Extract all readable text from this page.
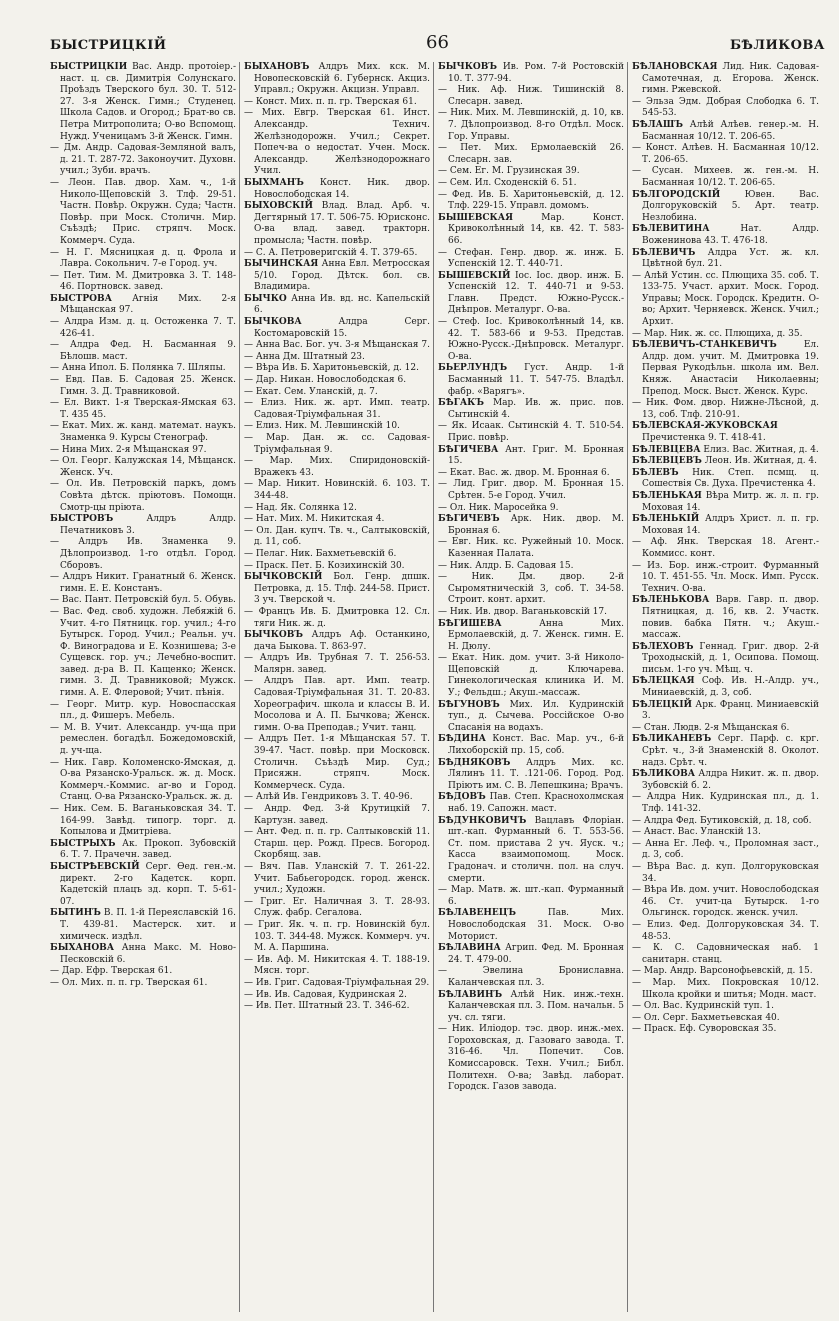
БЫСТРИЦКІЙ	66	БѢЛИКОВА

БЫСТРИЦКІЙ Вас. Андр. протоіер.-наст. ц. св. Димитрія Солунскаго. Проѣздъ Тверского бул. 30. Т. 512-27. 3-я Женск. Гимн.; Студенец. Школа Садов. и Огород.; Брат-во св. Петра Митрополита; О-во Вспомощ. Нужд. Ученицамъ 3-й Женск. Гимн.

— Дм. Андр. Садовая-Земляной валъ, д. 21. Т. 287-72. Законоучит. Духовн. учил.; Зуби. врачъ.

— Леон. Пав. двор. Хам. ч., 1-й Николо-Щеповскій 3. Тлф. 29-51. Частн. Повѣр. Окружн. Суда; Частн. Повѣр. при Моск. Столичн. Мир. Съѣздѣ; Прис. стряпч. Моск. Коммерч. Суда.

— Н. Г. Мясницкая д. ц. Фрола и Лавра. Сокольнич. 7-е Город. уч.

— Пет. Тим. М. Дмитровка 3. Т. 148-46. Портновск. завед.

БЫСТРОВА Агнія Мих. 2-я Мѣщанская 97.

— Алдра Изм. д. ц. Остоженка 7. Т. 426-41.

— Алдра Фед. Н. Басманная 9. Бѣлошв. маст.

— Анна Ипол. Б. Полянка 7. Шляпы.

— Евд. Пав. Б. Садовая 25. Женск. Гимн. 3. Д. Травниковой.

— Ел. Викт. 1-я Тверская-Ямская 63. Т. 435 45.

— Екат. Мих. ж. канд. математ. наукъ. Знаменка 9. Курсы Стенограф.

— Нина Мих. 2-я Мѣщанская 97.

— Ол. Георг. Калужская 14, Мѣщанск. Женск. Уч.

— Ол. Ив. Петровскій паркъ, домъ Совѣта дѣтск. пріютовъ. Помощн. Смотр-цы пріюта.

БЫСТРОВЪ	Алдръ Алдр. Печатниковъ 3.

— Алдръ Ив. Знаменка 9. Дѣлопроизвод. 1-го отдѣл. Город. Сборовъ.

— Алдръ Никит. Гранатный 6. Женск. гимн. Е. Е. Констанъ.

— Вас. Пант. Петровскій бул. 5. Обувь.

— Вас. Фед. своб. художн. Лебяжій 6. Учит. 4-го Пятницк. гор. учил.; 4-го Бутырск. Город. Учил.; Реальн. уч. Ф. Виноградова и Е. Кознишева; 3-е Сущевск. гор. уч.; Лечебно-воспит. завед. д-ра В. П. Кащенко; Женск. гимн. 3. Д. Травниковой; Мужск. гимн. А. Е. Флеровой; Учит. пѣнія.

— Георг. Митр. кур. Новоспасская пл., д. Фишеръ. Мебель.

— М. В. Учит. Александр. уч-ща при ремеслен. богадѣл. Божедомовскій, д. уч-ща.

— Ник. Гавр. Коломенско-Ямская, д. О-ва Рязанско-Уральск. ж. д. Моск. Коммерч.-Коммис. аг-во и Город. Станц. О-ва Рязанско-Уральск. ж. д.

— Ник. Сем. Б. Ваганьковская 34. Т. 164-99. Завѣд. типогр. торг. д. Копылова и Дмитріева.

БЫСТРЫХЪ Ак. Прокоп. Зубовскій 6. Т. 7. Прачечн. завед.

БЫСТРѢЕВСКІЙ Серг. Ѳед. ген.-м. директ. 2-го Кадетск. корп. Кадетскій плацъ зд. корп. Т. 5-61-07.

БЫТИНЪ В. П. 1-й Переяславскій 16. Т. 439-81. Мастерск. хит. и химическ. издѣл.

БЫХАНОВА Анна Макс. М. Ново-Песковскій 6.

— Дар. Ефр. Тверская 61.

— Ол. Мих. п. п. гр. Тверская 61.

БЫХАНОВЪ Алдръ Мих. кск. М. Новопесковскій 6. Губернск. Акциз. Управл.; Окружн. Акцизн. Управл.

— Конст. Мих. п. п. гр. Тверская 61.

— Мих. Евгр. Тверская 61. Инст. Александр. Технич. Желѣзнодорожн. Учил.; Секрет. Попеч-ва о недостат. Учен. Моск. Александр. Желѣзнодорожнаго Учил.

БЫХМАНЪ Конст. Ник. двор. Новослободская 14.

БЫХОВСКІЙ Влад. Влад. Арб. ч. Дегтярный 17. Т. 506-75. Юрисконс. О-ва влад. завед. тракторн. промысла; Частн. повѣр.

— С. А. Петроверигскій 4. Т. 379-65.

БЫЧИНСКАЯ Анна Евл. Метросская 5/10. Город. Дѣтск. бол. св. Владимира.

БЫЧКО Анна Ив. вд. нс. Капельскій 6.

БЫЧКОВА	Алдра Серг. Костомаровскій 15.

— Анна Вас. Бог. уч. 3-я Мѣщанская 7.

— Анна Дм. Штатный 23.

— Вѣра Ив. Б. Харитоньевскій, д. 12.

— Дар. Никан. Новослободская 6.

— Екат. Сем. Уланскій, д. 7.

— Елиз. Ник. ж. арт. Имп. театр. Садовая-Тріумфальная 31.

— Елиз. Ник. М. Левшинскій 10.

— Мар. Дан. ж. сс. Садовая-Тріумфальная 9.

— Мар. Мих. Спиридоновскій-Вражекъ 43.

— Мар. Никит. Новинскій. 6. 103. Т. 344-48.

— Над. Як. Солянка 12.

— Нат. Мих. М. Никитская 4.

— Ол. Дан. купч. Тв. ч., Салтыковскій, д. 11, соб.

— Пелаг. Ник. Бахметьевскій 6.

— Праск. Пет. Б. Козихинскій 30.

БЫЧКОВСКІЙ Бол. Генр. дпшк. Петровка, д. 15. Тлф. 244-58. Прист. 3 уч. Тверской ч.

— Францъ Ив. Б. Дмитровка 12. Сл. тяги Ник. ж. д.

БЫЧКОВЪ Алдръ Аф. Останкино, дача Быкова. Т. 863-97.

— Алдръ Ив. Трубная 7. Т. 256-53. Малярн. завед.

— Алдръ Пав. арт. Имп. театр. Садовая-Тріумфальная 31. Т. 20-83. Хореографич. школа и классы В. И. Мосолова и А. П. Бычкова; Женск. гимн. О-ва Преподав.; Учит. танц.

— Алдръ Пет. 1-я Мѣщанская 57. Т. 39-47. Част. повѣр. при Московск. Столичн. Съѣздѣ Мир. Суд.; Присяжн. стряпч. Моск. Коммерческ. Суда.

— Алѣй Ив. Гендриковъ 3. Т. 40-96.

— Андр. Фед. 3-й Крутицкій 7. Картузн. завед.

— Ант. Фед. п. п. гр. Салтыковскій 11. Старш. цер. Рожд. Пресв. Богород. Скорбящ. зав.

— Вяч. Пав. Уланскій 7. Т. 261-22. Учит. Бабьегородск. город. женск. учил.; Художн.

— Григ. Ег. Наличная 3. Т. 28-93. Служ. фабр. Сегалова.

— Григ. Як. ч. п. гр. Новинскій бул. 103. Т. 344-48. Мужск. Коммерч. уч. М. А. Паршина.

— Ив. Аф. М. Никитская 4. Т. 188-19. Мясн. торг.

— Ив. Григ. Садовая-Тріумфальная 29.

— Ив. Ив. Садовая, Кудринская 2.

— Ив. Пет. Штатный 23. Т. 346-62.

БЫЧКОВЪ Ив. Ром. 7-й Ростовскій 10. Т. 377-94.

— Ник. Аф. Ниж. Тишинскій 8. Слесарн. завед.

— Ник. Мих. М. Левшинскій, д. 10, кв. 7. Дѣлопроизвод. 8-го Отдѣл. Моск. Гор. Управы.

— Пет. Мих. Ермолаевскій 26. Слесарн. зав.

— Сем. Ег. М. Грузинская 39.

— Сем. Ил. Сходенскій 6. 51.

— Фед. Ив. Б. Харитоньевскій, д. 12. Тлф. 229-15. Управл. домомъ.

БЫШЕВСКАЯ	Мар. Конст. Кривоколѣнный 14, кв. 42. Т. 583-66.

— Стефан. Генр. двор. ж. инж. Б. Успенскій 12. Т. 440-71.

БЫШЕВСКІЙ Іос. Іос. двор. инж. Б. Успенскій 12. Т. 440-71 и 9-53. Главн. Предст. Южно-Русск.-Днѣпров. Металург. О-ва.

— Стеф. Іос. Кривоколѣнный 14, кв. 42. Т. 583-66 и 9-53. Представ. Южно-Русск.-Днѣпровск. Металург. О-ва.

БЬЕРЛУНДЪ Густ. Андр. 1-й Басманный 11. Т. 547-75. Владѣл. фабр. «Варягъ».

БѢГАКЪ Мар. Ив. ж. прис. пов. Сытинскій 4.

— Як. Исаак. Сытинскій 4. Т. 510-54. Прис. повѣр.

БѢГИЧЕВА Ант. Григ. М. Бронная 15.

— Екат. Вас. ж. двор. М. Бронная 6.

— Лид. Григ. двор. М. Бронная 15. Срѣтен. 5-е Город. Учил.

— Ол. Ник. Маросейка 9.

БѢГИЧЕВЪ Арк. Ник. двор. М. Бронная 6.

— Евг. Ник. кс. Ружейный 10. Моск. Казенная Палата.

— Ник. Алдр. Б. Садовая 15.

— Ник. Дм. двор. 2-й Сыромятническій 3, соб. Т. 34-58. Строит. конт. архит.

— Ник. Ив. двор. Ваганьковскій 17.

БѢГИШЕВА	Анна Мих. Ермолаевскій, д. 7. Женск. гимн. Е. Н. Дюлу.

— Екат. Ник. дом. учит. 3-й Николо-Щеповскій д. Ключарева. Гинекологическая клиника И. М. У.; Фельдш.; Акуш.-массаж.

БѢГУНОВЪ Мих. Ил. Кудринскій туп., д. Сычева. Россійское О-во Спасанія на водахъ.

БѢДИНА Конст. Вас. Мар. уч., 6-й Лихоборскій пр. 15, соб.

БѢДНЯКОВЪ Алдръ Мих. кс. Лялинъ 11. Т. .121-06. Город. Род. Пріютъ им. С. В. Лепешкина; Врачъ.

БѢДОВЪ Пав. Степ. Краснохолмская наб. 19. Сапожн. маст.

БѢДУНКОВИЧЪ Вацлавъ Флоріан. шт.-кап. Фурманный 6. Т. 553-56. Ст. пом. пристава 2 уч. Яуск. ч.; Касса взаимопомощ. Моск. Градонач. и столичн. пол. на случ. смерти.

— Мар. Матв. ж. шт.-кап. Фурманный 6.

БѢЛАВЕНЕЦЪ	Пав. Мих. Новослободская 31. Моск. О-во Моторист.

БѢЛАВИНА Агрип. Фед. М. Бронная 24. Т. 479-00.

— Эвелина Брониславна. Каланчевская пл. 3.

БѢЛАВИНЪ Алѣй Ник. инж.-техн. Каланчевская пл. 3. Пом. начальн. 5 уч. сл. тяги.

— Ник. Иліодор. тэс. двор. инж.-мех. Гороховская, д. Газоваго завода. Т. 316-46. Чл. Попечит. Сов. Комиссаровск. Техн. Учил.; Библ. Политехн. О-ва; Завѣд. лаборат. Городск. Газов завода.

БѢЛАНОВСКАЯ Лид. Ник. Садовая-Самотечная, д. Егорова. Женск. гимн. Ржевской.

— Эльза Эдм. Добрая Слободка 6. Т. 545-53.

БѢЛАШЪ Алѣй Алѣев. генер.-м. Н. Басманная 10/12. Т. 206-65.

— Конст. Алѣев. Н. Басманная 10/12. Т. 206-65.

— Сусан. Михеев. ж. ген.-м. Н. Басманная 10/12. Т. 206-65.

БѢЛГОРОДСКІЙ	Ювен. Вас. Долгоруковскій 5. Арт. театр. Незлобина.

БѢЛЕВИТИНА	Нат. Алдр. Воженинова 43. Т. 476-18.

БѢЛЕВИЧЪ Алдра Уст. ж. кл. Цвѣтной бул. 21.

— Алѣй Устин. сс. Плющиха 35. соб. Т. 133-75. Участ. архит. Моск. Город. Управы; Моск. Городск. Кредитн. О-во; Архит. Черняевск. Женск. Учил.; Архит.

— Мар. Ник. ж. сс. Плющиха, д. 35.

БѢЛЕВИЧЪ-СТАНКЕВИЧЪ	Ел. Алдр. дом. учит. М. Дмитровка 19. Первая Рукодѣльн. школа им. Вел. Княж. Анастасіи Николаевны; Препод. Моск. Выст. Женск. Курс.

— Ник. Фом. двор. Нижне-Лѣсной, д. 13, соб. Тлф. 210-91.

БѢЛЕВСКАЯ-ЖУКОВСКАЯ Пречистенка 9. Т. 418-41.

БѢЛЕВЦЕВА Елиз. Вас. Житная, д. 4.

БѢЛЕВЦЕВЪ Леон. Ив. Житная, д. 4.

БѢЛЕВЪ Ник. Степ. псмщ. ц. Сошествія Св. Духа. Пречистенка 4.

БѢЛЕНЬКАЯ Вѣра Митр. ж. л. п. гр. Моховая 14.

БѢЛЕНЬКІЙ Алдръ Христ. л. п. гр. Моховая 14.

— Аф. Янк. Тверская 18. Агент.-Коммисс. конт.

— Из. Бор. инж.-строит. Фурманный 10. Т. 451-55. Чл. Моск. Имп. Русск. Технич. О-ва.

БѢЛЕНЬКОВА Варв. Гавр. п. двор. Пятницкая, д. 16, кв. 2. Участк. повив. бабка Пятн. ч.; Акуш.-массаж.

БѢЛЕХОВЪ Геннад. Григ. двор. 2-й Троходыскій, д. 1, Осипова. Помощ. письм. 1-го уч. Мѣщ. ч.

БѢЛЕЦКАЯ Соф. Ив. Н.-Алдр. уч., Миниаевскій, д. 3, соб.

БѢЛЕЦКІЙ Арк. Франц. Миниаевскій 3.

— Стан. Людв. 2-я Мѣщанская 6.

БѢЛИКАНЕВЪ Серг. Парф. с. крг. Срѣт. ч., 3-й Знаменскій 8. Околот. надз. Срѣт. ч.

БѢЛИКОВА Алдра Никит. ж. п. двор. Зубовскій б. 2.

— Алдра Ник. Кудринская пл., д. 1. Тлф. 141-32.

— Алдра Фед. Бутиковскій, д. 18, соб.

— Анаст. Вас. Уланскій 13.

— Анна Ег. Леф. ч., Проломная заст., д. 3, соб.

— Вѣра Вас. д. куп. Долгоруковская 34.

— Вѣра Ив. дом. учит. Новослободская 46. Ст. учит-ца Бутырск. 1-го Ольгинск. городск. женск. учил.

— Елиз. Фед. Долгоруковская 34. Т. 48-53.

— К. С. Садовническая наб. 1 санитарн. станц.

— Мар. Андр. Варсонофьевскій, д. 15.

— Мар. Мих. Покровская 10/12. Школа кройки и шитья; Модн. маст.

— Ол. Вас. Кудринскій туп. 1.

— Ол. Серг. Бахметьевская 40.

— Праск. Еф. Суворовская 35.
